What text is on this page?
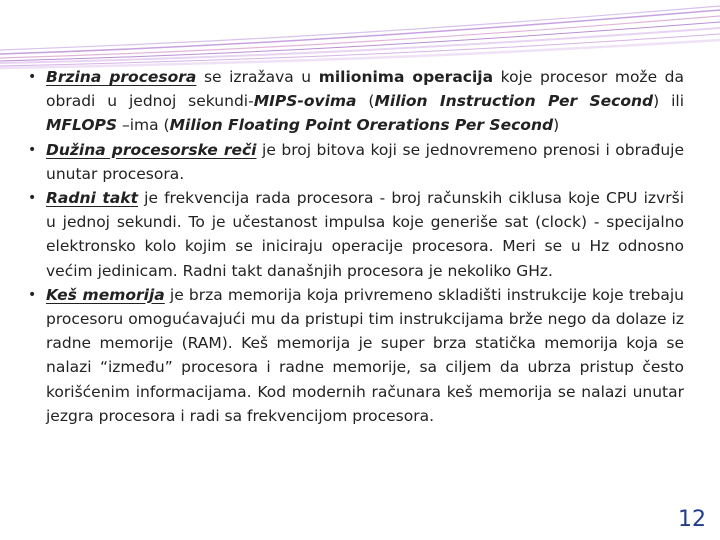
• Brzina procesora se izražava u milionima operacija koje procesor može da obradi u jednoj sekundi-MIPS-ovima (Milion Instruction Per Second) ili MFLOPS –ima (Milion Floating Point Orerations Per Second)

• Dužina procesorske reči je broj bitova koji se jednovremeno prenosi i obrađuje unutar procesora.

• Radni takt je frekvencija rada procesora - broj računskih ciklusa koje CPU izvrši u jednoj sekundi. To je učestanost impulsa koje generiše sat (clock) - specijalno elektronsko kolo kojim se iniciraju operacije procesora. Meri se u Hz odnosno većim jedinicam. Radni takt današnjih procesora je nekoliko GHz.

• Keš memorija je brza memorija koja privremeno skladišti instrukcije koje trebaju procesoru omogućavajući mu da pristupi tim instrukcijama brže nego da dolaze iz radne memorije (RAM). Keš memorija je super brza statička memorija koja se nalazi “između” procesora i radne memorije, sa ciljem da ubrza pristup često korišćenim informacijama. Kod modernih računara keš memorija se nalazi unutar jezgra procesora i radi sa frekvencijom procesora.

12
